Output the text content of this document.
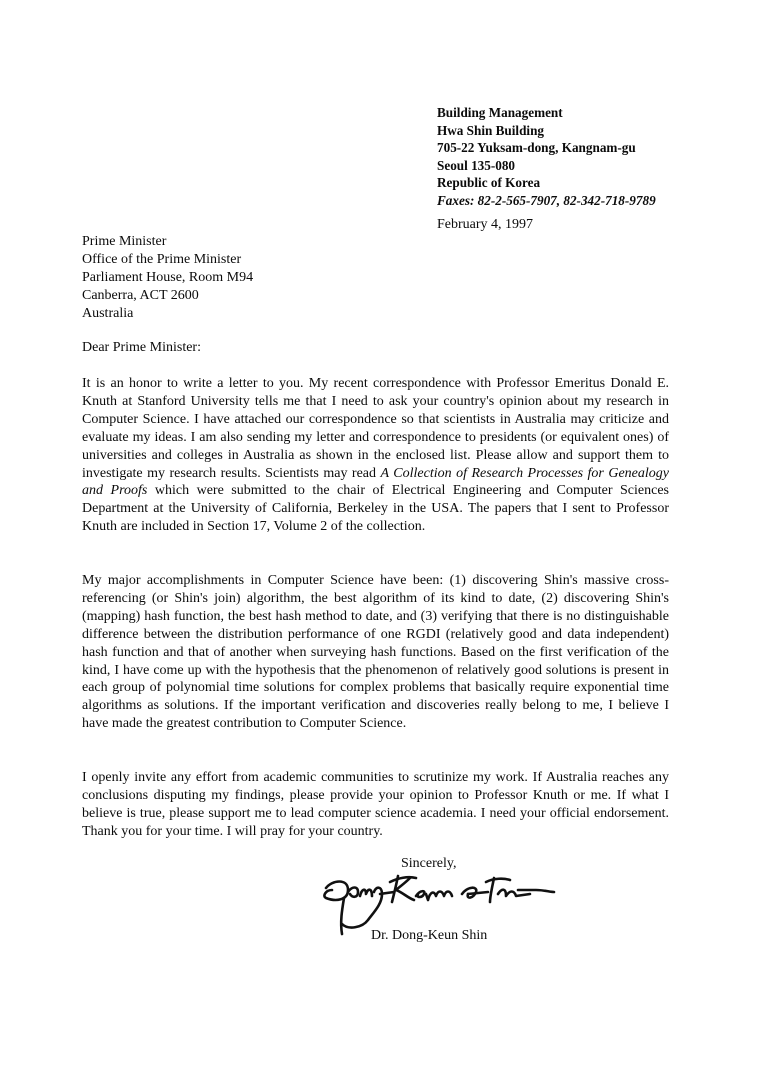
Building Management
Hwa Shin Building
705-22 Yuksam-dong, Kangnam-gu
Seoul 135-080
Republic of Korea
Faxes: 82-2-565-7907, 82-342-718-9789
February 4, 1997
Prime Minister
Office of the Prime Minister
Parliament House, Room M94
Canberra, ACT 2600
Australia
Dear Prime Minister:

It is an honor to write a letter to you. My recent correspondence with Professor Emeritus Donald E. Knuth at Stanford University tells me that I need to ask your country's opinion about my research in Computer Science. I have attached our correspondence so that scientists in Australia may criticize and evaluate my ideas. I am also sending my letter and correspondence to presidents (or equivalent ones) of universities and colleges in Australia as shown in the enclosed list. Please allow and support them to investigate my research results. Scientists may read A Collection of Research Processes for Genealogy and Proofs which were submitted to the chair of Electrical Engineering and Computer Sciences Department at the University of California, Berkeley in the USA. The papers that I sent to Professor Knuth are included in Section 17, Volume 2 of the collection.

My major accomplishments in Computer Science have been: (1) discovering Shin's massive cross-referencing (or Shin's join) algorithm, the best algorithm of its kind to date, (2) discovering Shin's (mapping) hash function, the best hash method to date, and (3) verifying that there is no distinguishable difference between the distribution performance of one RGDI (relatively good and data independent) hash function and that of another when surveying hash functions. Based on the first verification of the kind, I have come up with the hypothesis that the phenomenon of relatively good solutions is present in each group of polynomial time solutions for complex problems that basically require exponential time algorithms as solutions. If the important verification and discoveries really belong to me, I believe I have made the greatest contribution to Computer Science.

I openly invite any effort from academic communities to scrutinize my work. If Australia reaches any conclusions disputing my findings, please provide your opinion to Professor Knuth or me. If what I believe is true, please support me to lead computer science academia. I need your official endorsement. Thank you for your time. I will pray for your country.

Sincerely,
Dr. Dong-Keun Shin
